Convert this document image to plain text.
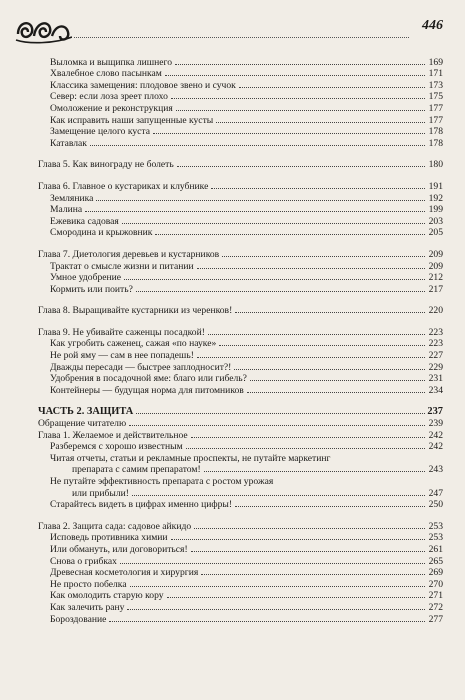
446
Выломка и выщипка лишнего	169
Хвалебное слово пасынкам	171
Классика замещения: плодовое звено и сучок	173
Север: если лоза зреет плохо	175
Омоложение и реконструкция	177
Как исправить наши запущенные кусты	177
Замещение целого куста	178
Катавлак	178
Глава 5. Как винограду не болеть	180
Глава 6. Главное о кустариках и клубнике	191
Земляника	192
Малина	199
Ежевика садовая	203
Смородина и крыжовник	205
Глава 7. Диетология деревьев и кустарников	209
Трактат о смысле жизни и питании	209
Умное удобрение	212
Кормить или поить?	217
Глава 8. Выращивайте кустарники из черенков!	220
Глава 9. Не убивайте саженцы посадкой!	223
Как угробить саженец, сажая «по науке»	223
Не рой яму — сам в нее попадешь!	227
Дважды пересади — быстрее заплодносит?!	229
Удобрения в посадочной яме: благо или гибель?	231
Контейнеры — будущая норма для питомников	234
ЧАСТЬ 2. ЗАЩИТА	237
Обращение читателю	239
Глава 1. Желаемое и действительное	242
Разберемся с хорошо известным	242
Читая отчеты, статьи и рекламные проспекты, не путайте маркетинг
препарата с самим препаратом!	243
Не путайте эффективность препарата с ростом урожая
или прибыли!	247
Старайтесь видеть в цифрах именно цифры!	250
Глава 2. Защита сада: садовое айкидо	253
Исповедь противника химии	253
Или обмануть, или договориться!	261
Снова о грибках	265
Древесная косметология и хирургия	269
Не просто побелка	270
Как омолодить старую кору	271
Как залечить рану	272
Бороздование	277
